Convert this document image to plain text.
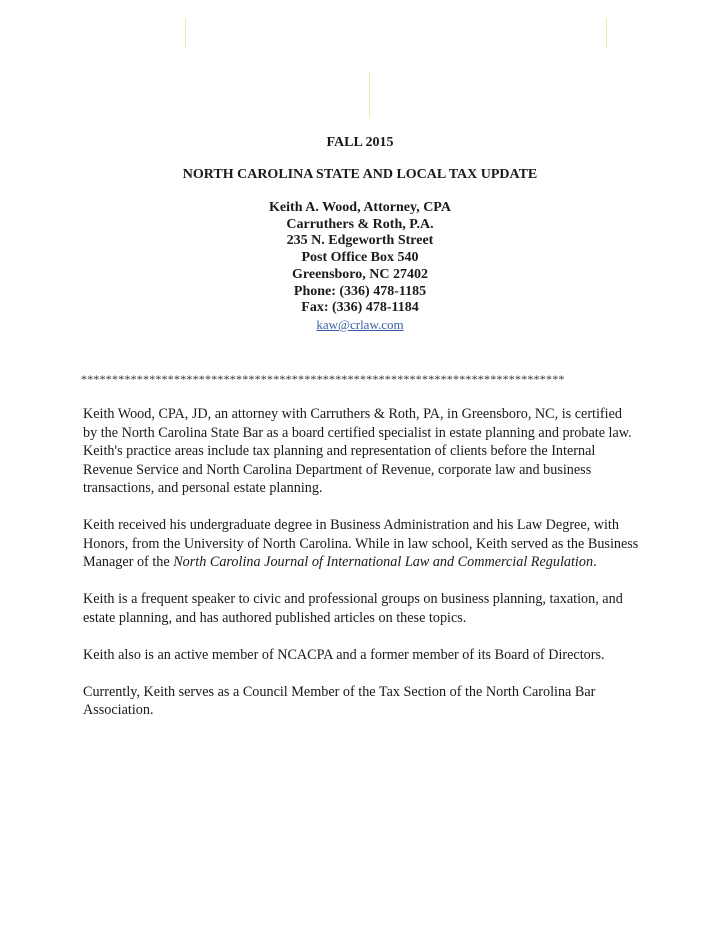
FALL 2015
NORTH CAROLINA STATE AND LOCAL TAX UPDATE
Keith A. Wood, Attorney, CPA
Carruthers & Roth, P.A.
235 N. Edgeworth Street
Post Office Box 540
Greensboro, NC 27402
Phone: (336) 478-1185
Fax: (336) 478-1184
kaw@crlaw.com
******************************************************************************

Keith Wood, CPA, JD, an attorney with Carruthers & Roth, PA, in Greensboro, NC, is certified by the North Carolina State Bar as a board certified specialist in estate planning and probate law. Keith's practice areas include tax planning and representation of clients before the Internal Revenue Service and North Carolina Department of Revenue, corporate law and business transactions, and personal estate planning.

Keith received his undergraduate degree in Business Administration and his Law Degree, with Honors, from the University of North Carolina. While in law school, Keith served as the Business Manager of the North Carolina Journal of International Law and Commercial Regulation.

Keith is a frequent speaker to civic and professional groups on business planning, taxation, and estate planning, and has authored published articles on these topics.

Keith also is an active member of NCACPA and a former member of its Board of Directors.

Currently, Keith serves as a Council Member of the Tax Section of the North Carolina Bar Association.
